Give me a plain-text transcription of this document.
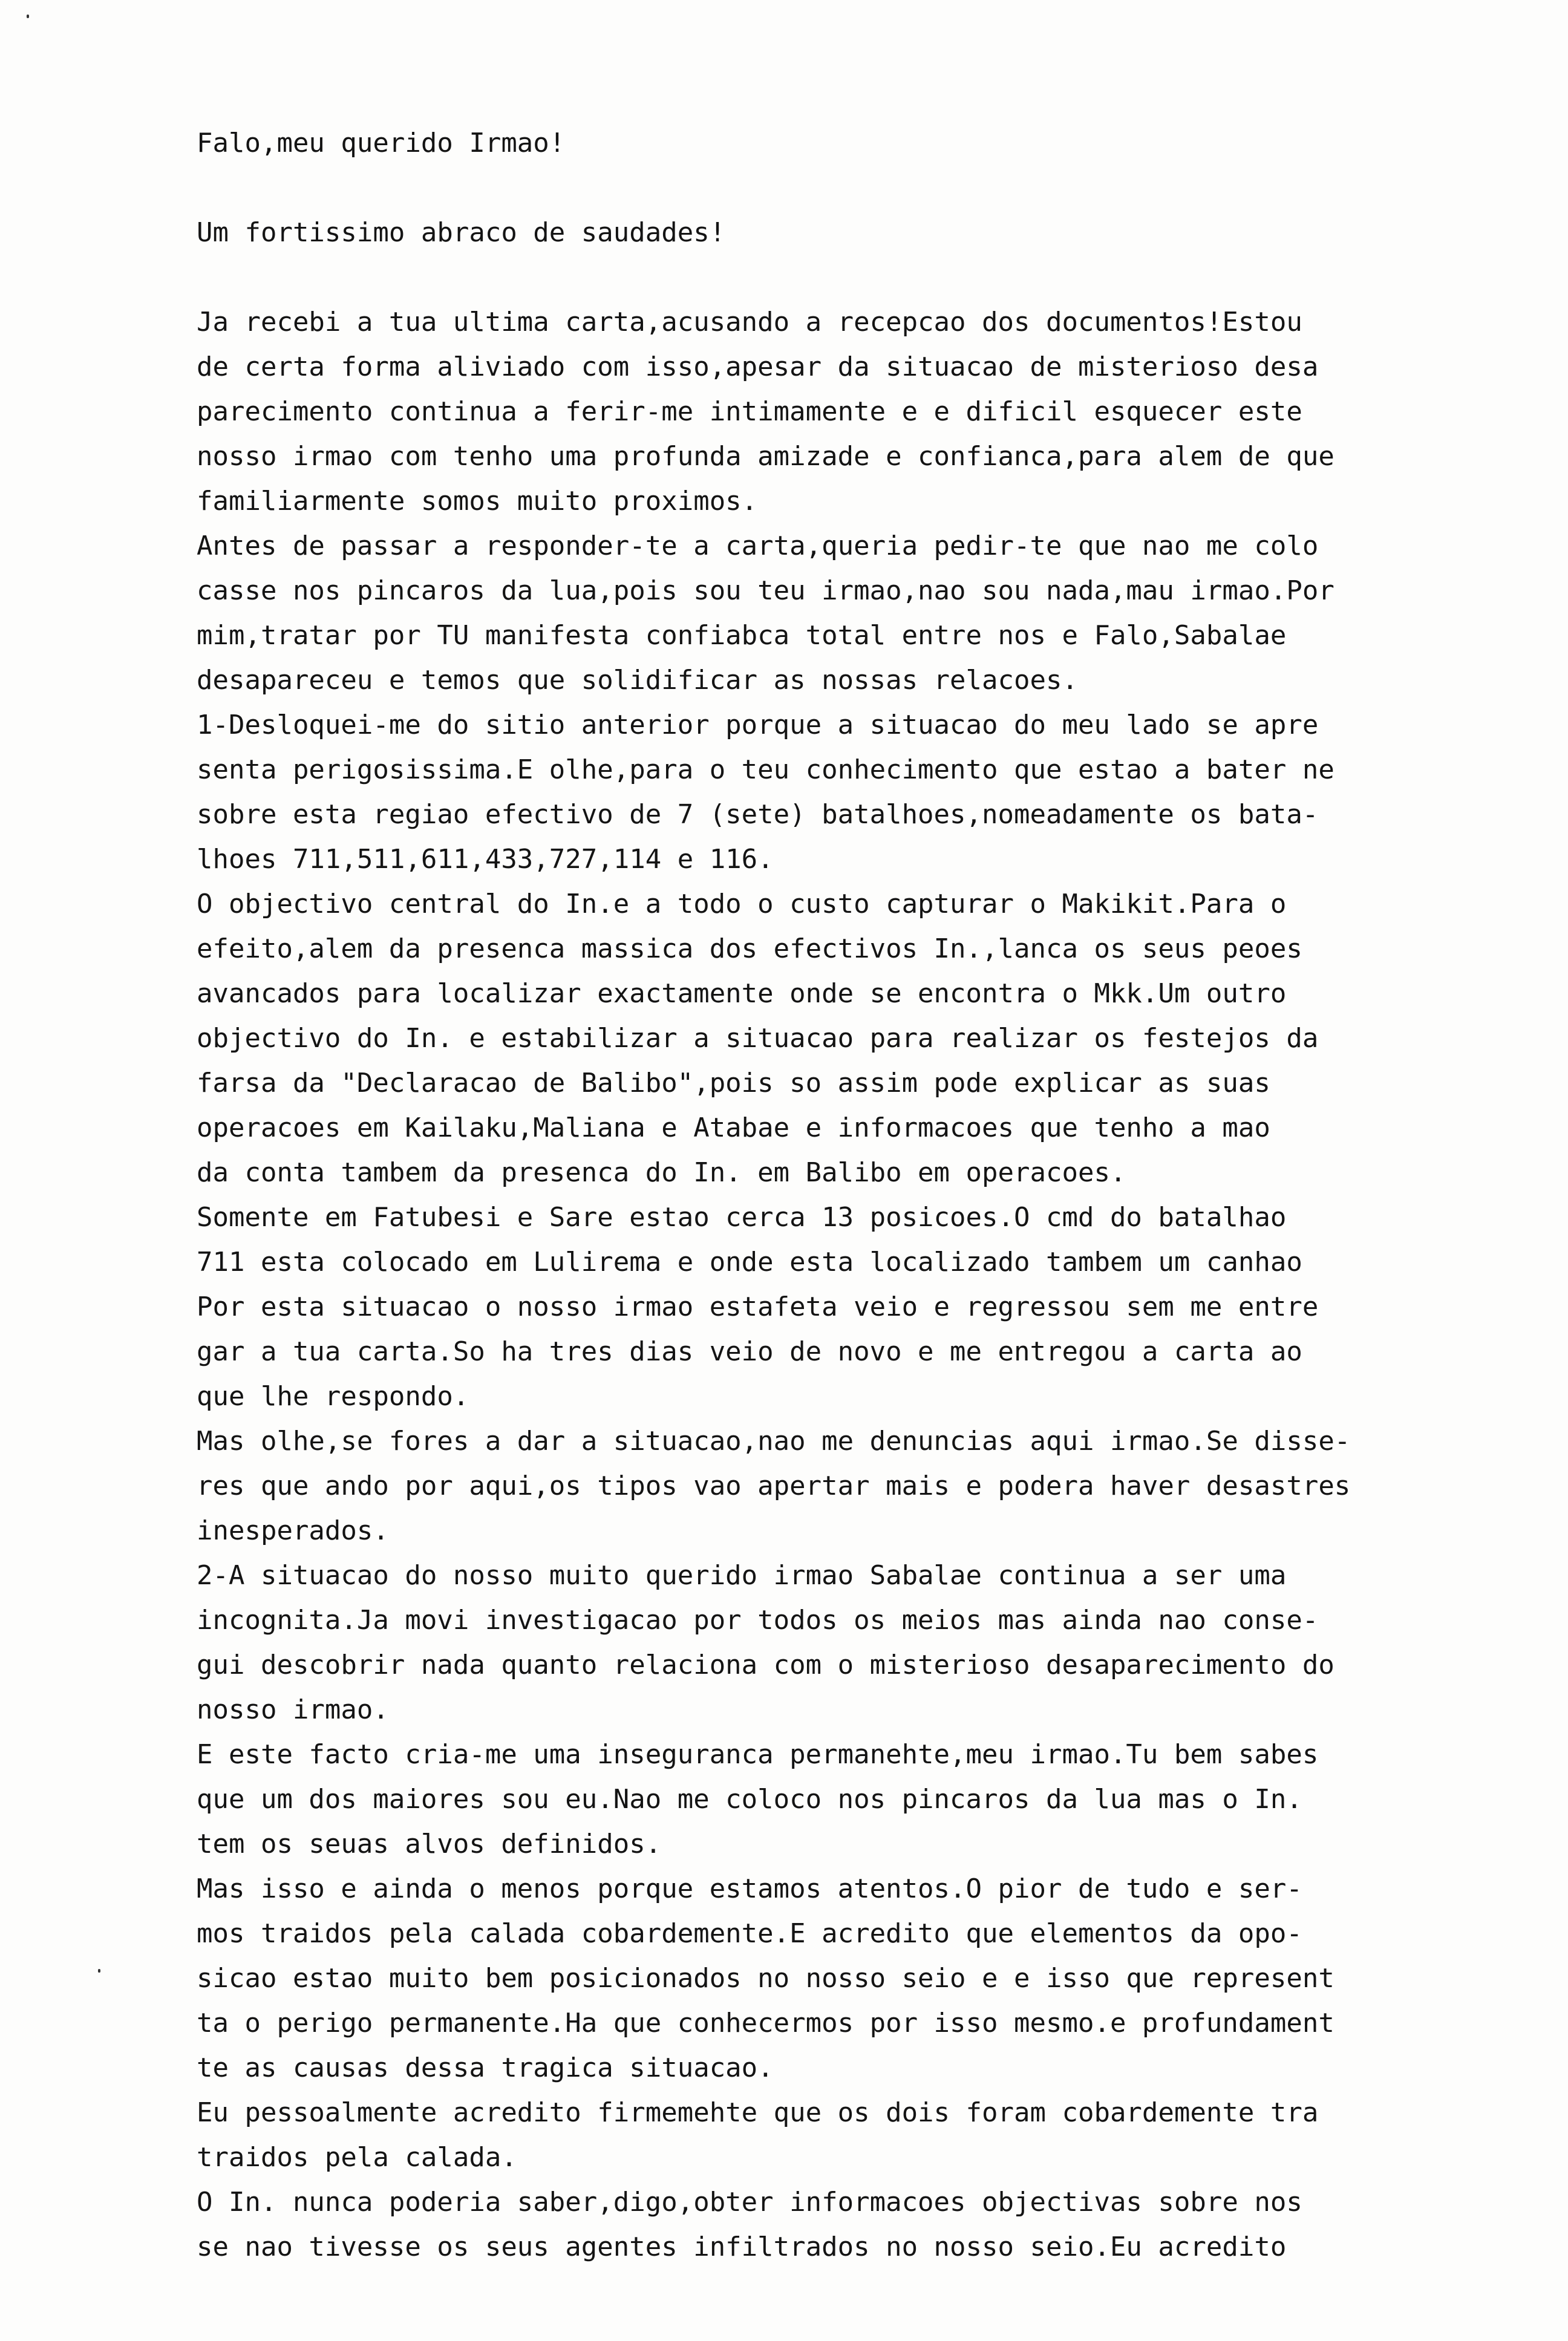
Falo,meu querido Irmao!
Um fortissimo abraco de saudades!
Ja recebi a tua ultima carta,acusando a recepcao dos documentos!Estou
de certa forma aliviado com isso,apesar da situacao de misterioso desa
parecimento continua a ferir-me intimamente e e dificil esquecer este
nosso irmao com tenho uma profunda amizade e confianca,para alem de que
familiarmente somos muito proximos.
Antes de passar a responder-te a carta,queria pedir-te que nao me colo
casse nos pincaros da lua,pois sou teu irmao,nao sou nada,mau irmao.Por
mim,tratar por TU manifesta confiabca total entre nos e Falo,Sabalae
desapareceu e temos que solidificar as nossas relacoes.
1-Desloquei-me do sitio anterior porque a situacao do meu lado se apre
senta perigosissima.E olhe,para o teu conhecimento que estao a bater ne
sobre esta regiao efectivo de 7 (sete) batalhoes,nomeadamente os bata-
lhoes 711,511,611,433,727,114 e 116.
O objectivo central do In.e a todo o custo capturar o Makikit.Para o
efeito,alem da presenca massica dos efectivos In.,lanca os seus peoes
avancados para localizar exactamente onde se encontra o Mkk.Um outro
objectivo do In. e estabilizar a situacao para realizar os festejos da
farsa da "Declaracao de Balibo",pois so assim pode explicar as suas
operacoes em Kailaku,Maliana e Atabae e informacoes que tenho a mao
da conta tambem da presenca do In. em Balibo em operacoes.
Somente em Fatubesi e Sare estao cerca 13 posicoes.O cmd do batalhao
711 esta colocado em Lulirema e onde esta localizado tambem um canhao
Por esta situacao o nosso irmao estafeta veio e regressou sem me entre
gar a tua carta.So ha tres dias veio de novo e me entregou a carta ao
que lhe respondo.
Mas olhe,se fores a dar a situacao,nao me denuncias aqui irmao.Se disse-
res que ando por aqui,os tipos vao apertar mais e podera haver desastres
inesperados.
2-A situacao do nosso muito querido irmao Sabalae continua a ser uma
incognita.Ja movi investigacao por todos os meios mas ainda nao conse-
gui descobrir nada quanto relaciona com o misterioso desaparecimento do
nosso irmao.
E este facto cria-me uma inseguranca permanehte,meu irmao.Tu bem sabes
que um dos maiores sou eu.Nao me coloco nos pincaros da lua mas o In.
tem os seuas alvos definidos.
Mas isso e ainda o menos porque estamos atentos.O pior de tudo e ser-
mos traidos pela calada cobardemente.E acredito que elementos da opo-
sicao estao muito bem posicionados no nosso seio e e isso que represent
ta o perigo permanente.Ha que conhecermos por isso mesmo.e profundament
te as causas dessa tragica situacao.
Eu pessoalmente acredito firmemehte que os dois foram cobardemente tra
traidos pela calada.
O In. nunca poderia saber,digo,obter informacoes objectivas sobre nos
se nao tivesse os seus agentes infiltrados no nosso seio.Eu acredito
